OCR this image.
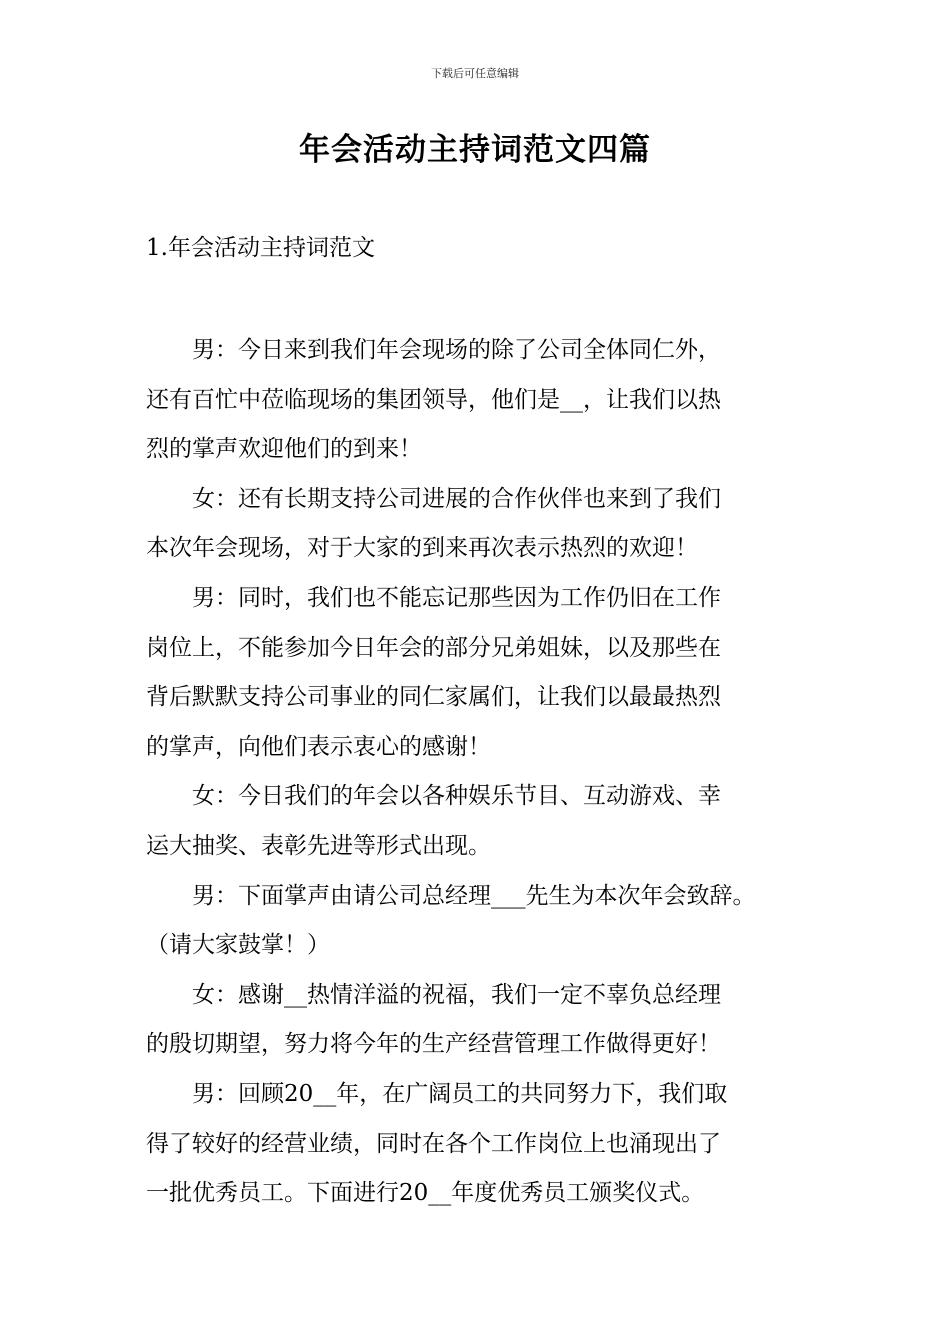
下载后可任意编辑
年会活动主持词范文四篇
1.年会活动主持词范文

男：今日来到我们年会现场的除了公司全体同仁外，
还有百忙中莅临现场的集团领导，他们是__，让我们以热
烈的掌声欢迎他们的到来！

女：还有长期支持公司进展的合作伙伴也来到了我们
本次年会现场，对于大家的到来再次表示热烈的欢迎！

男：同时，我们也不能忘记那些因为工作仍旧在工作
岗位上，不能参加今日年会的部分兄弟姐妹，以及那些在
背后默默支持公司事业的同仁家属们，让我们以最最热烈
的掌声，向他们表示衷心的感谢！

女：今日我们的年会以各种娱乐节目、互动游戏、幸
运大抽奖、表彰先进等形式出现。

男：下面掌声由请公司总经理___先生为本次年会致辞。
（请大家鼓掌！）

女：感谢__热情洋溢的祝福，我们一定不辜负总经理
的殷切期望，努力将今年的生产经营管理工作做得更好！

男：回顾20__年，在广阔员工的共同努力下，我们取
得了较好的经营业绩，同时在各个工作岗位上也涌现出了
一批优秀员工。下面进行20__年度优秀员工颁奖仪式。
